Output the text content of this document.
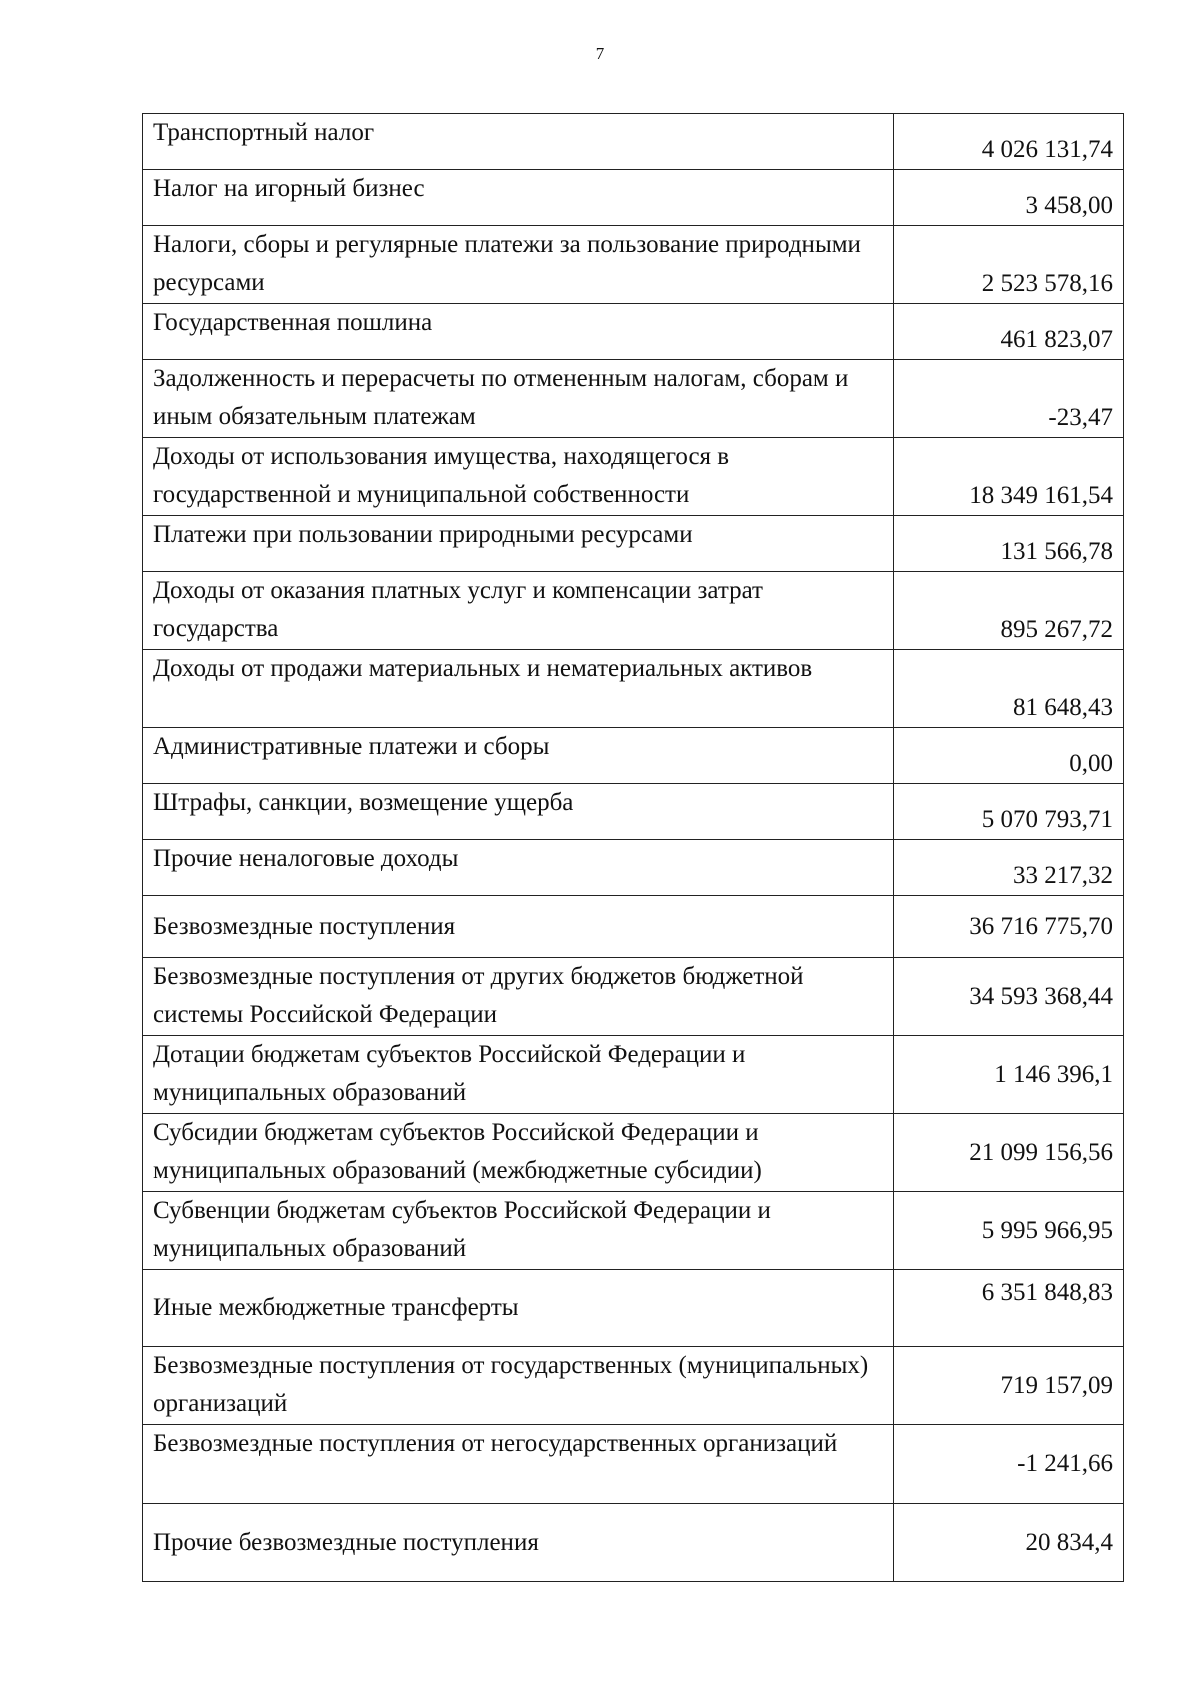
7
Транспортный налог	4 026 131,74
Налог на игорный бизнес	3 458,00
Налоги, сборы и регулярные платежи за пользование природными ресурсами	2 523 578,16
Государственная пошлина	461 823,07
Задолженность и перерасчеты по отмененным налогам, сборам и иным обязательным платежам	-23,47
Доходы от использования имущества, находящегося в государственной и муниципальной собственности	18 349 161,54
Платежи при пользовании природными ресурсами	131 566,78
Доходы от оказания платных услуг и компенсации затрат государства	895 267,72
Доходы от продажи материальных и нематериальных активов	81 648,43
Административные платежи и сборы	0,00
Штрафы, санкции, возмещение ущерба	5 070 793,71
Прочие неналоговые доходы	33 217,32
Безвозмездные поступления	36 716 775,70
Безвозмездные поступления от других бюджетов бюджетной системы Российской Федерации	34 593 368,44
Дотации бюджетам субъектов Российской Федерации и муниципальных образований	1 146 396,1
Субсидии бюджетам субъектов Российской Федерации и муниципальных образований (межбюджетные субсидии)	21 099 156,56
Субвенции бюджетам субъектов Российской Федерации и муниципальных образований	5 995 966,95
Иные межбюджетные трансферты	6 351 848,83
Безвозмездные поступления от государственных (муниципальных) организаций	719 157,09
Безвозмездные поступления от негосударственных организаций	-1 241,66
Прочие безвозмездные поступления	20 834,4
